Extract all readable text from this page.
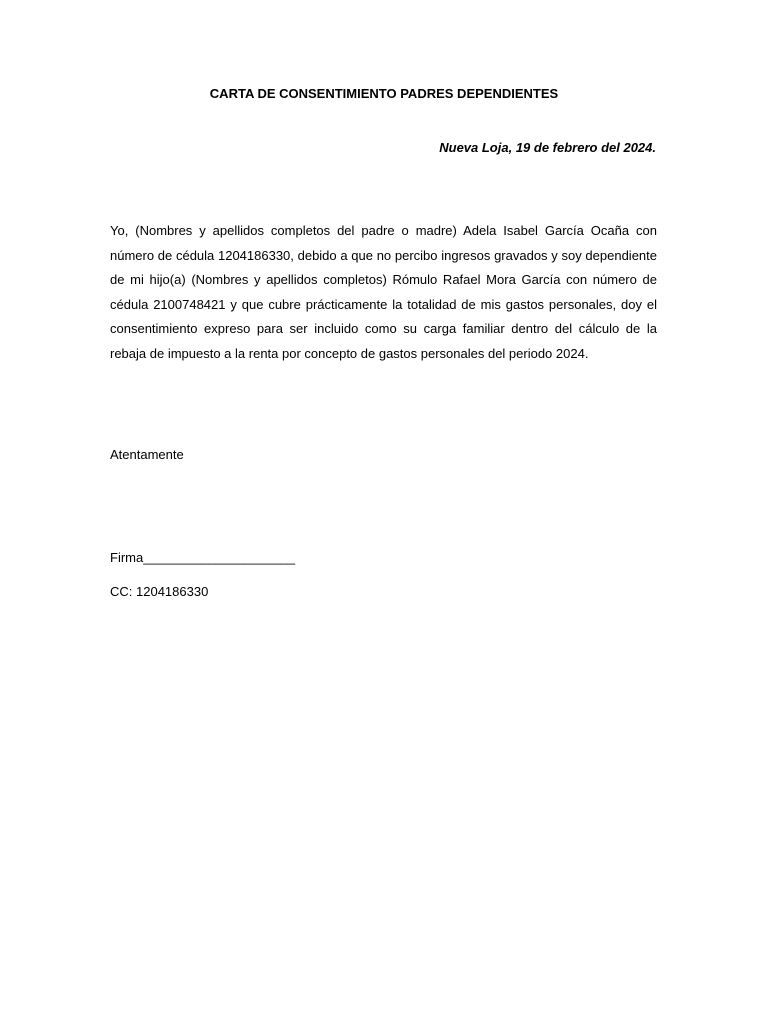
CARTA DE CONSENTIMIENTO PADRES DEPENDIENTES
Nueva Loja, 19 de febrero del 2024.
Yo, (Nombres y apellidos completos del padre o madre) Adela Isabel García Ocaña con número de cédula 1204186330, debido a que no percibo ingresos gravados y soy dependiente de mi hijo(a) (Nombres y apellidos completos) Rómulo Rafael Mora García con número de cédula 2100748421 y que cubre prácticamente la totalidad de mis gastos personales, doy el consentimiento expreso para ser incluido como su carga familiar dentro del cálculo de la rebaja de impuesto a la renta por concepto de gastos personales del periodo 2024.
Atentamente
Firma_____________________
CC: 1204186330
